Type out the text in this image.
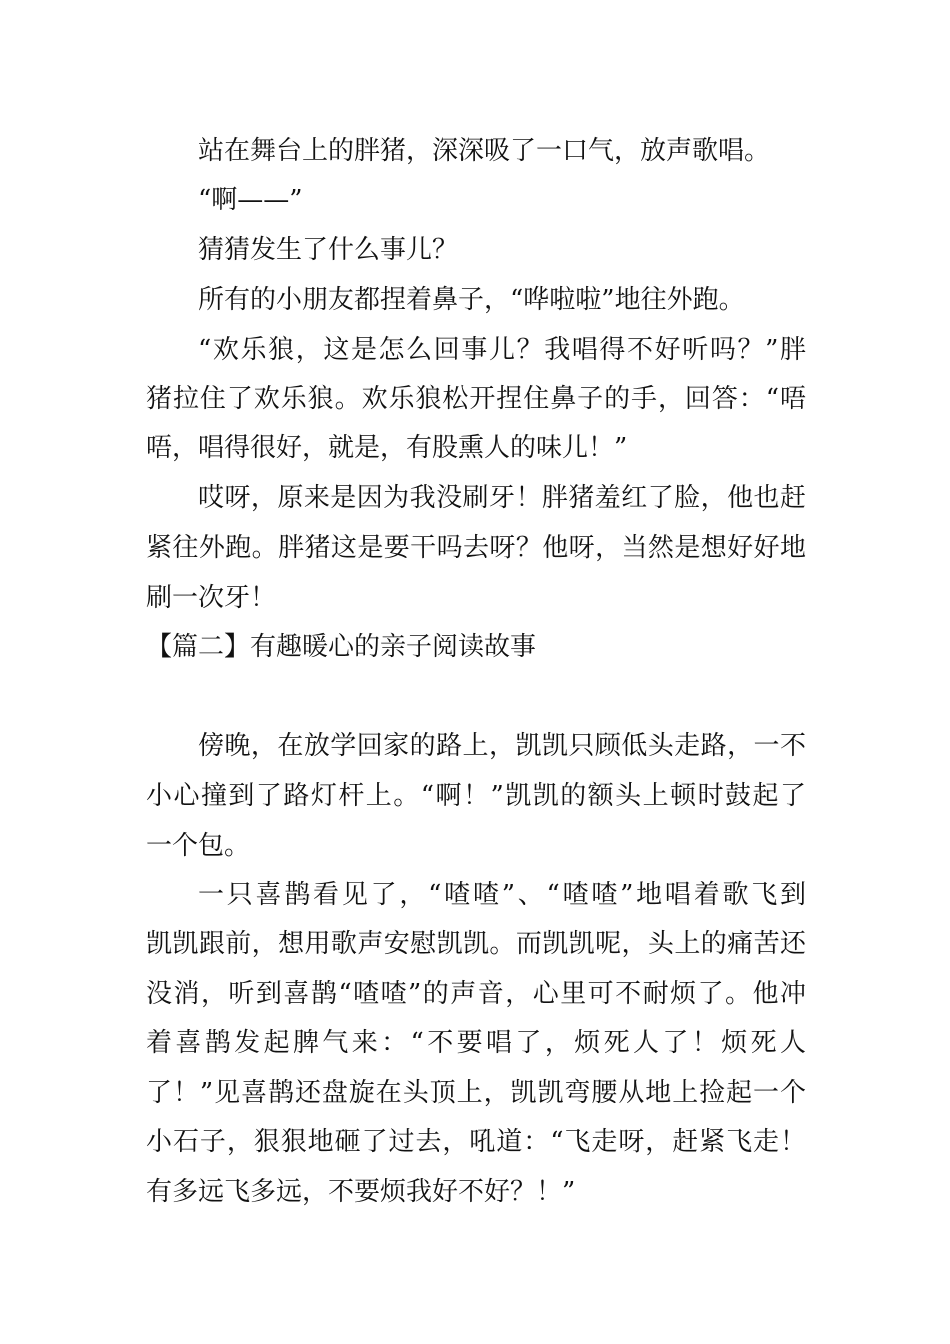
站在舞台上的胖猪，深深吸了一口气，放声歌唱。
“啊——”
猜猜发生了什么事儿？
所有的小朋友都捏着鼻子，“哗啦啦”地往外跑。
“欢乐狼，这是怎么回事儿？我唱得不好听吗？”胖
猪拉住了欢乐狼。欢乐狼松开捏住鼻子的手，回答：“唔
唔，唱得很好，就是，有股熏人的味儿！”
哎呀，原来是因为我没刷牙！胖猪羞红了脸，他也赶
紧往外跑。胖猪这是要干吗去呀？他呀，当然是想好好地
刷一次牙！
【篇二】有趣暖心的亲子阅读故事
傍晚，在放学回家的路上，凯凯只顾低头走路，一不
小心撞到了路灯杆上。“啊！”凯凯的额头上顿时鼓起了
一个包。
一只喜鹊看见了，“喳喳”、“喳喳”地唱着歌飞到
凯凯跟前，想用歌声安慰凯凯。而凯凯呢，头上的痛苦还
没消，听到喜鹊“喳喳”的声音，心里可不耐烦了。他冲
着喜鹊发起脾气来：“不要唱了，烦死人了！烦死人
了！”见喜鹊还盘旋在头顶上，凯凯弯腰从地上捡起一个
小石子，狠狠地砸了过去，吼道：“飞走呀，赶紧飞走！
有多远飞多远，不要烦我好不好？！”
